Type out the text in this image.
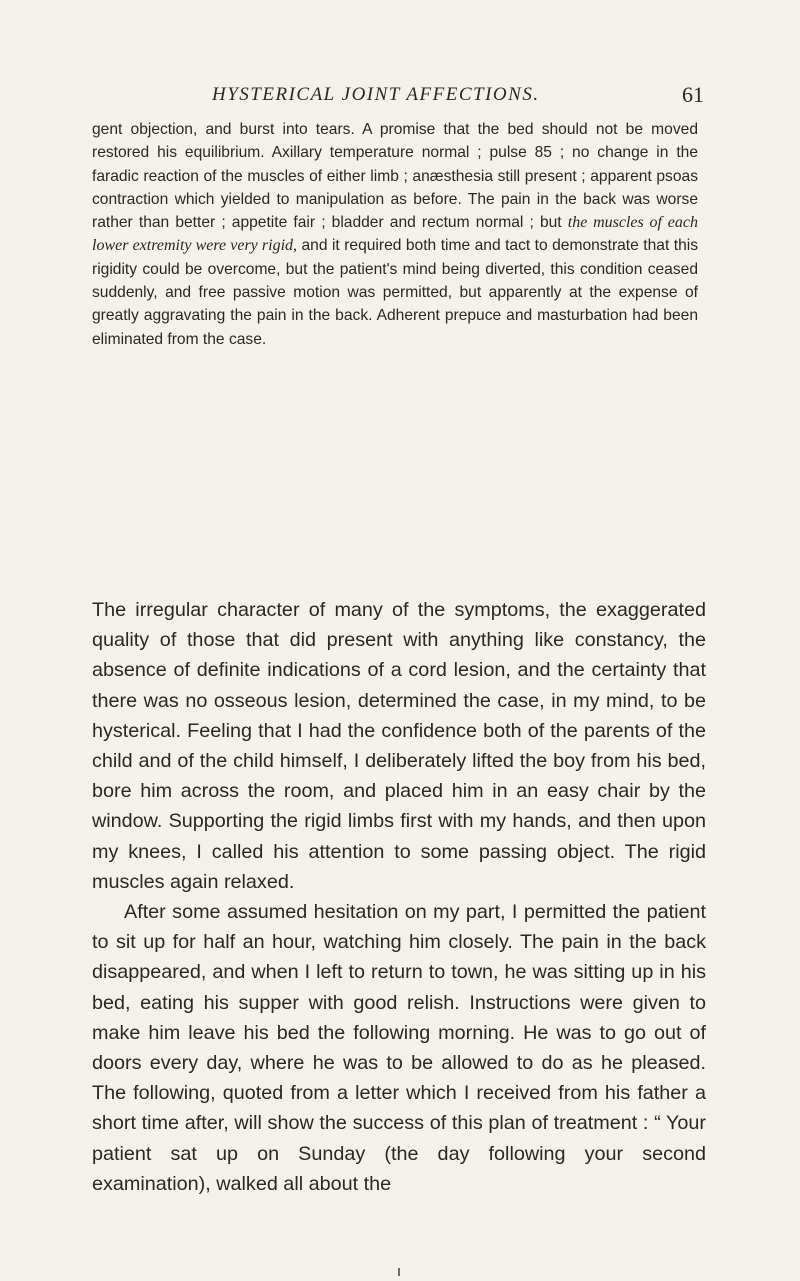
HYSTERICAL JOINT AFFECTIONS.	61

gent objection, and burst into tears. A promise that the bed should not be moved restored his equilibrium. Axillary temperature normal ; pulse 85 ; no change in the faradic reaction of the muscles of either limb ; anæsthesia still present ; apparent psoas contraction which yielded to manipulation as before. The pain in the back was worse rather than better ; appetite fair ; bladder and rectum normal ; but the muscles of each lower extremity were very rigid, and it required both time and tact to demonstrate that this rigidity could be overcome, but the patient's mind being diverted, this condition ceased suddenly, and free passive motion was permitted, but apparently at the expense of greatly aggravating the pain in the back. Adherent prepuce and masturbation had been eliminated from the case.

The irregular character of many of the symptoms, the exaggerated quality of those that did present with anything like constancy, the absence of definite indications of a cord lesion, and the certainty that there was no osseous lesion, determined the case, in my mind, to be hysterical. Feeling that I had the confidence both of the parents of the child and of the child himself, I deliberately lifted the boy from his bed, bore him across the room, and placed him in an easy chair by the window. Supporting the rigid limbs first with my hands, and then upon my knees, I called his attention to some passing object. The rigid muscles again relaxed.

After some assumed hesitation on my part, I permitted the patient to sit up for half an hour, watching him closely. The pain in the back disappeared, and when I left to return to town, he was sitting up in his bed, eating his supper with good relish. Instructions were given to make him leave his bed the following morning. He was to go out of doors every day, where he was to be allowed to do as he pleased. The following, quoted from a letter which I received from his father a short time after, will show the success of this plan of treatment : “ Your patient sat up on Sunday (the day following your second examination), walked all about the
